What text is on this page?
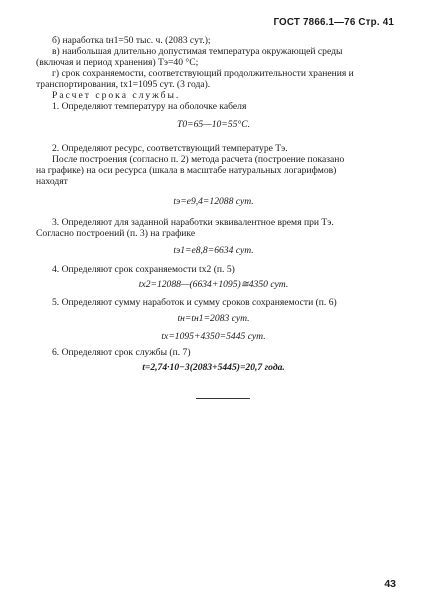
ГОСТ 7866.1—76 Стр. 41
б) наработка tн1=50 тыс. ч. (2083 сут.);
в) наибольшая длительно допустимая температура окружающей среды
(включая и период хранения) Tэ=40 °C;
г) срок сохраняемости, соответствующий продолжительности хранения и
транспортирования, tx1=1095 сут. (3 года).
Расчет срока службы.
1. Определяют температуру на оболочке кабеля
T0=65—10=55°C.
2. Определяют ресурс, соответствующий температуре Tэ.
После построения (согласно п. 2) метода расчета (построение показано
на графике) на оси ресурса (шкала в масштабе натуральных логарифмов)
находят
tэ=e9,4=12088 сут.
3. Определяют для заданной наработки эквивалентное время при Tэ.
Согласно построений (п. 3) на графике
tэ1=e8,8=6634 сут.
4. Определяют срок сохраняемости tx2 (п. 5)
tx2=12088—(6634+1095)≅4350 сут.
5. Определяют сумму наработок и сумму сроков сохраняемости (п. 6)
tн=tн1=2083 сут.
tx=1095+4350=5445 сут.
6. Определяют срок службы (п. 7)
t=2,74·10−3(2083+5445)=20,7 года.
43
